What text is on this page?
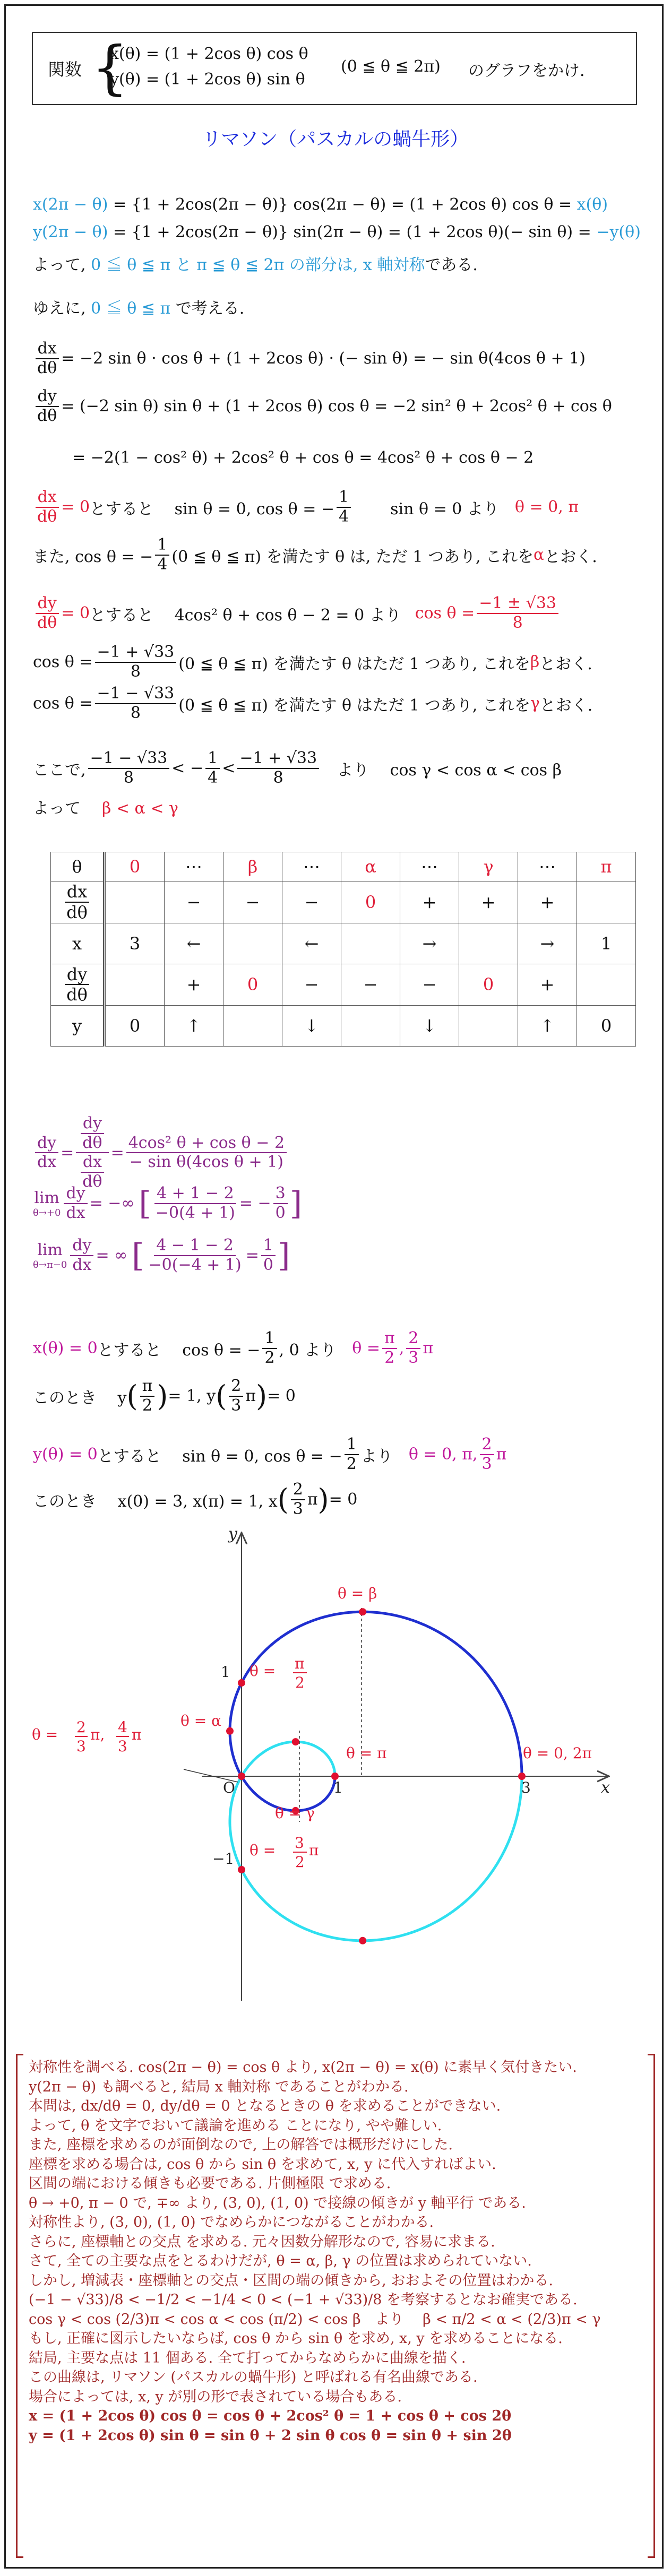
関数 {
x(θ) = (1 + 2cos θ) cos θ
y(θ) = (1 + 2cos θ) sin θ
(0 ≦ θ ≦ 2π) のグラフをかけ.
リマソン（パスカルの蝸牛形）
x(2π − θ) = {1 + 2cos(2π − θ)} cos(2π − θ) = (1 + 2cos θ) cos θ = x(θ)
y(2π − θ) = {1 + 2cos(2π − θ)} sin(2π − θ) = (1 + 2cos θ)(− sin θ) = −y(θ)
よって, 0 ≦ θ ≦ π と π ≦ θ ≦ 2π の部分は, x 軸対称である.
ゆえに, 0 ≦ θ ≦ π で考える.
$\frac{dx}{d\theta} = -2$ sin θ · cos θ + (1 + 2cos θ) · (− sin θ) = − sin θ(4cos θ + 1)
$\frac{dy}{d\theta} = (-2$ sin θ) sin θ + (1 + 2cos θ) cos θ = −2 sin² θ + 2cos² θ + cos θ
= −2(1 − cos² θ) + 2cos² θ + cos θ = 4cos² θ + cos θ − 2
$\frac{dx}{d\theta} = 0$ とすると　 sin θ = 0, cos θ = − $\frac{1}{4}$ sin θ = 0 より θ = 0, π
また, cos θ = − $\frac{1}{4} (0$ ≦ θ ≦ π) を満たす θ は, ただ 1 つあり, これを α とおく.
$\frac{dy}{d\theta} = 0$ とすると　 4cos² θ + cos θ − 2 = 0 より $\cos \theta = \frac{-1 \pm √33}{8}$
$\cos \theta = \frac{-1 + √33}{8} (0$ ≦ θ ≦ π) を満たす θ はただ 1 つあり, これを β とおく.
$\cos \theta = \frac{-1 - √33}{8} (0$ ≦ θ ≦ π) を満たす θ はただ 1 つあり, これを γ とおく.
ここで, $\frac{-1 - √33}{8}$ < − $\frac{1}{4} < \frac{-1 + √33}{8}$ 　より　 cos γ < cos α < cos β
よって β < α < γ
θ	0	⋯	β	⋯	α	⋯	γ	⋯	π

$\frac{dx}{d\theta}$		−	−	−	0	+	+	+	
x	3	←		←		→		→	1

$\frac{dy}{d\theta}$		+	0	−	−	−	0	+	
y	0	↑		↓		↓		↑	0
$\frac{dy}{dx} = \frac{\frac{dy}{d\theta}}{\frac{dx}{d\theta}} = \frac{\text{4cos² θ + cos θ − 2}}{\text{− sin θ(4cos θ + 1)}}$
lim
$\theta\to+0 \frac{dy}{dx}$ = −∞ [ $\frac{4 + 1 - 2}{-0(4 + 1)}$ = − $\frac{3}{0}$ ]
lim
$\theta\to\pi-0 \frac{dy}{dx}$ = ∞ [ $\frac{4 - 1 - 2}{-0(-4 + 1)} = \frac{1}{0}$ ]
x(θ) = 0 とすると　 cos θ = − $\frac{1}{2}$ , 0 より $\theta = \frac{\pi}{2}$ , $\frac{2}{3}$ π
このとき　 y ( $\frac{\pi}{2}$ ) = 1, y ( $\frac{2}{3}$ π ) = 0
y(θ) = 0 とすると　 sin θ = 0, cos θ = − $\frac{1}{2}$ より θ = 0, π, $\frac{2}{3}$ π
このとき　 x(0) = 3, x(π) = 1, x ( $\frac{2}{3}$ π ) = 0
x
y
O	1	3
1
−1
θ = β
θ = π
2
θ = α
θ = π	θ = 0, 2π
θ = γ
θ = 3
2
π
θ = 2
3
π, 4
3
π
対称性を調べる. cos(2π − θ) = cos θ より, x(2π − θ) = x(θ) に素早く気付きたい.
y(2π − θ) も調べると, 結局 x 軸対称 であることがわかる.
本問は, dx/dθ = 0, dy/dθ = 0 となるときの θ を求めることができない.
よって, θ を文字でおいて議論を進める ことになり, やや難しい.
また, 座標を求めるのが面倒なので, 上の解答では概形だけにした.
座標を求める場合は, cos θ から sin θ を求めて, x, y に代入すればよい.
区間の端における傾きも必要である. 片側極限 で求める.
θ → +0, π − 0 で, ∓∞ より, (3, 0), (1, 0) で接線の傾きが y 軸平行 である.
対称性より, (3, 0), (1, 0) でなめらかにつながることがわかる.
さらに, 座標軸との交点 を求める. 元々因数分解形なので, 容易に求まる.
さて, 全ての主要な点をとるわけだが, θ = α, β, γ の位置は求められていない.
しかし, 増減表・座標軸との交点・区間の端の傾きから, おおよその位置はわかる.
(−1 − √33)/8 < −1/2 < −1/4 < 0 < (−1 + √33)/8 を考察するとなお確実である.
cos γ < cos (2/3)π < cos α < cos (π/2) < cos β　より　 β < π/2 < α < (2/3)π < γ
もし, 正確に図示したいならば, cos θ から sin θ を求め, x, y を求めることになる.
結局, 主要な点は 11 個ある. 全て打ってからなめらかに曲線を描く.
この曲線は, リマソン (パスカルの蝸牛形) と呼ばれる有名曲線である.
場合によっては, x, y が別の形で表されている場合もある.
x = (1 + 2cos θ) cos θ = cos θ + 2cos² θ = 1 + cos θ + cos 2θ
y = (1 + 2cos θ) sin θ = sin θ + 2 sin θ cos θ = sin θ + sin 2θ
